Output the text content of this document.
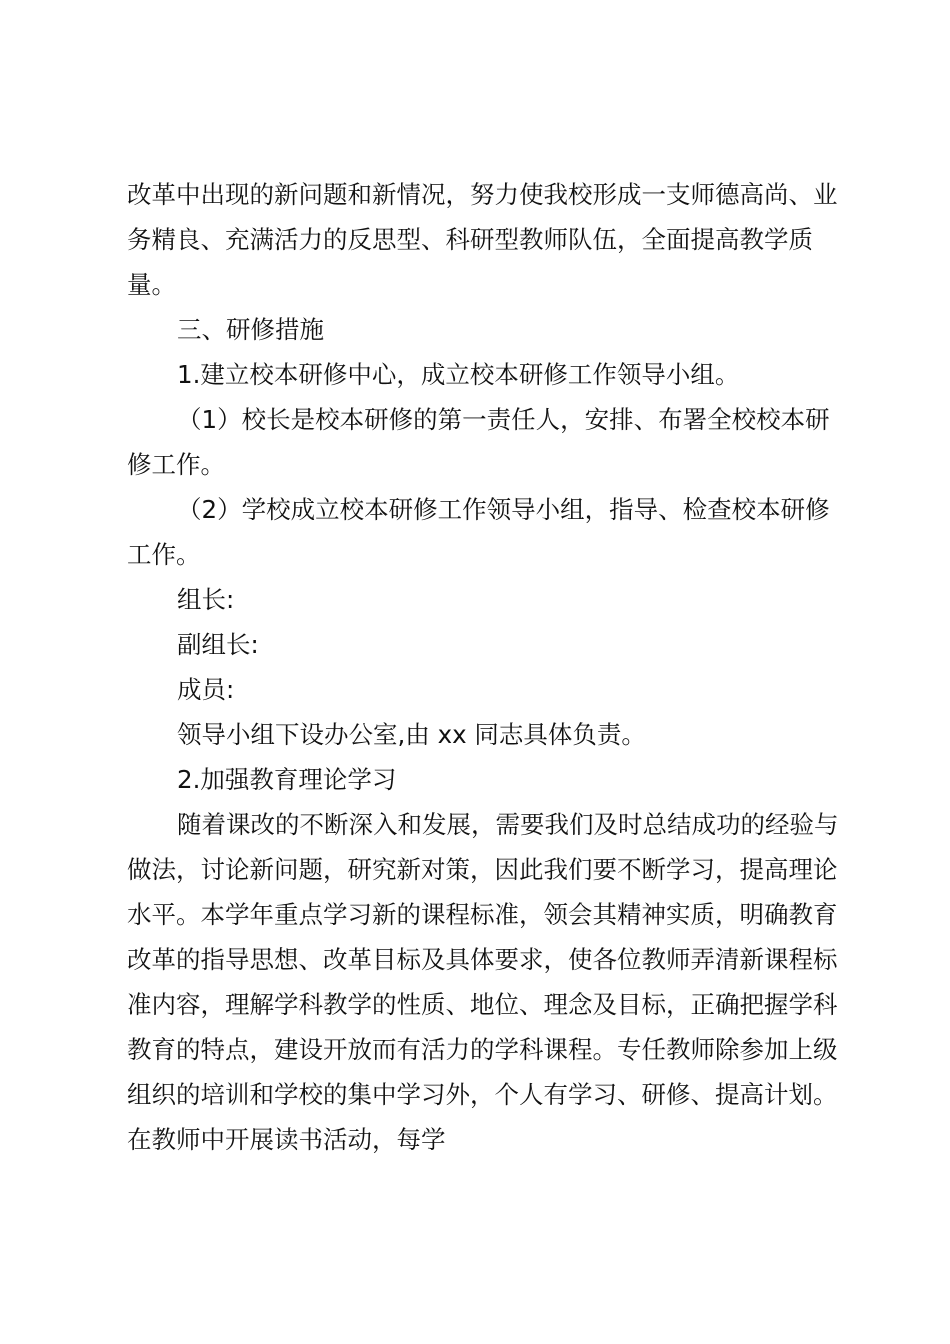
改革中出现的新问题和新情况，努力使我校形成一支师德高尚、业务精良、充满活力的反思型、科研型教师队伍，全面提高教学质量。

三、研修措施

1.建立校本研修中心，成立校本研修工作领导小组。

（1）校长是校本研修的第一责任人，安排、布署全校校本研修工作。

（2）学校成立校本研修工作领导小组，指导、检查校本研修工作。

组长:

副组长:

成员:

领导小组下设办公室,由 xx 同志具体负责。

2.加强教育理论学习

随着课改的不断深入和发展，需要我们及时总结成功的经验与做法，讨论新问题，研究新对策，因此我们要不断学习，提高理论水平。本学年重点学习新的课程标准，领会其精神实质，明确教育改革的指导思想、改革目标及具体要求，使各位教师弄清新课程标准内容，理解学科教学的性质、地位、理念及目标，正确把握学科教育的特点，建设开放而有活力的学科课程。专任教师除参加上级组织的培训和学校的集中学习外，个人有学习、研修、提高计划。在教师中开展读书活动，每学
